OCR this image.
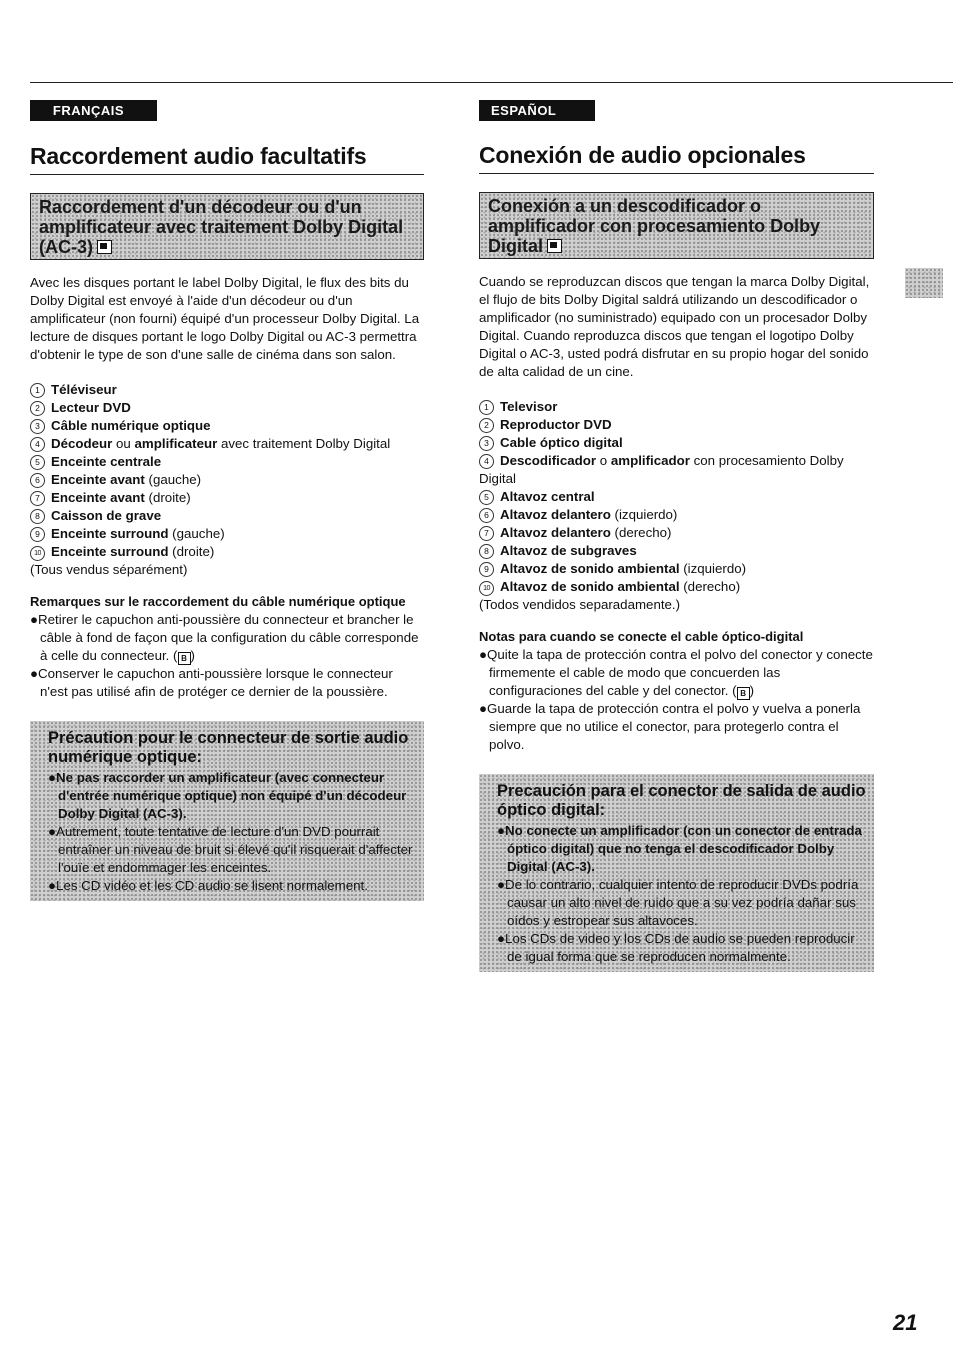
FRANÇAIS
Raccordement audio facultatifs
Raccordement d'un décodeur ou d'un amplificateur avec traitement Dolby Digital (AC-3)

Avec les disques portant le label Dolby Digital, le flux des bits du Dolby Digital est envoyé à l'aide d'un décodeur ou d'un amplificateur (non fourni) équipé d'un processeur Dolby Digital. La lecture de disques portant le logo Dolby Digital ou AC-3 permettra d'obtenir le type de son d'une salle de cinéma dans son salon.

1 Téléviseur
2 Lecteur DVD
3 Câble numérique optique
4 Décodeur ou amplificateur avec traitement Dolby Digital
5 Enceinte centrale
6 Enceinte avant (gauche)
7 Enceinte avant (droite)
8 Caisson de grave
9 Enceinte surround (gauche)
10 Enceinte surround (droite)
(Tous vendus séparément)
Remarques sur le raccordement du câble numérique optique
●Retirer le capuchon anti-poussière du connecteur et brancher le câble à fond de façon que la configuration du câble corresponde à celle du connecteur. ( B )
●Conserver le capuchon anti-poussière lorsque le connecteur n'est pas utilisé afin de protéger ce dernier de la poussière.
Précaution pour le connecteur de sortie audio numérique optique:
●Ne pas raccorder un amplificateur (avec connecteur d'entrée numérique optique) non équipé d'un décodeur Dolby Digital (AC-3).
●Autrement, toute tentative de lecture d'un DVD pourrait entraîner un niveau de bruit si élevé qu'il risquerait d'affecter l'ouïe et endommager les enceintes.
●Les CD vidéo et les CD audio se lisent normalement.
ESPAÑOL
Conexión de audio opcionales
Conexión a un descodificador o amplificador con procesamiento Dolby Digital

Cuando se reproduzcan discos que tengan la marca Dolby Digital, el flujo de bits Dolby Digital saldrá utilizando un descodificador o amplificador (no suministrado) equipado con un procesador Dolby Digital. Cuando reproduzca discos que tengan el logotipo Dolby Digital o AC-3, usted podrá disfrutar en su propio hogar del sonido de alta calidad de un cine.

1 Televisor
2 Reproductor DVD
3 Cable óptico digital
4 Descodificador o amplificador con procesamiento Dolby Digital
5 Altavoz central
6 Altavoz delantero (izquierdo)
7 Altavoz delantero (derecho)
8 Altavoz de subgraves
9 Altavoz de sonido ambiental (izquierdo)
10 Altavoz de sonido ambiental (derecho)
(Todos vendidos separadamente.)
Notas para cuando se conecte el cable óptico-digital
●Quite la tapa de protección contra el polvo del conector y conecte firmemente el cable de modo que concuerden las configuraciones del cable y del conector. ( B )
●Guarde la tapa de protección contra el polvo y vuelva a ponerla siempre que no utilice el conector, para protegerlo contra el polvo.
Precaución para el conector de salida de audio óptico digital:
●No conecte un amplificador (con un conector de entrada óptico digital) que no tenga el descodificador Dolby Digital (AC-3).
●De lo contrario, cualquier intento de reproducir DVDs podría causar un alto nivel de ruido que a su vez podría dañar sus oídos y estropear sus altavoces.
●Los CDs de video y los CDs de audio se pueden reproducir de igual forma que se reproducen normalmente.
21
